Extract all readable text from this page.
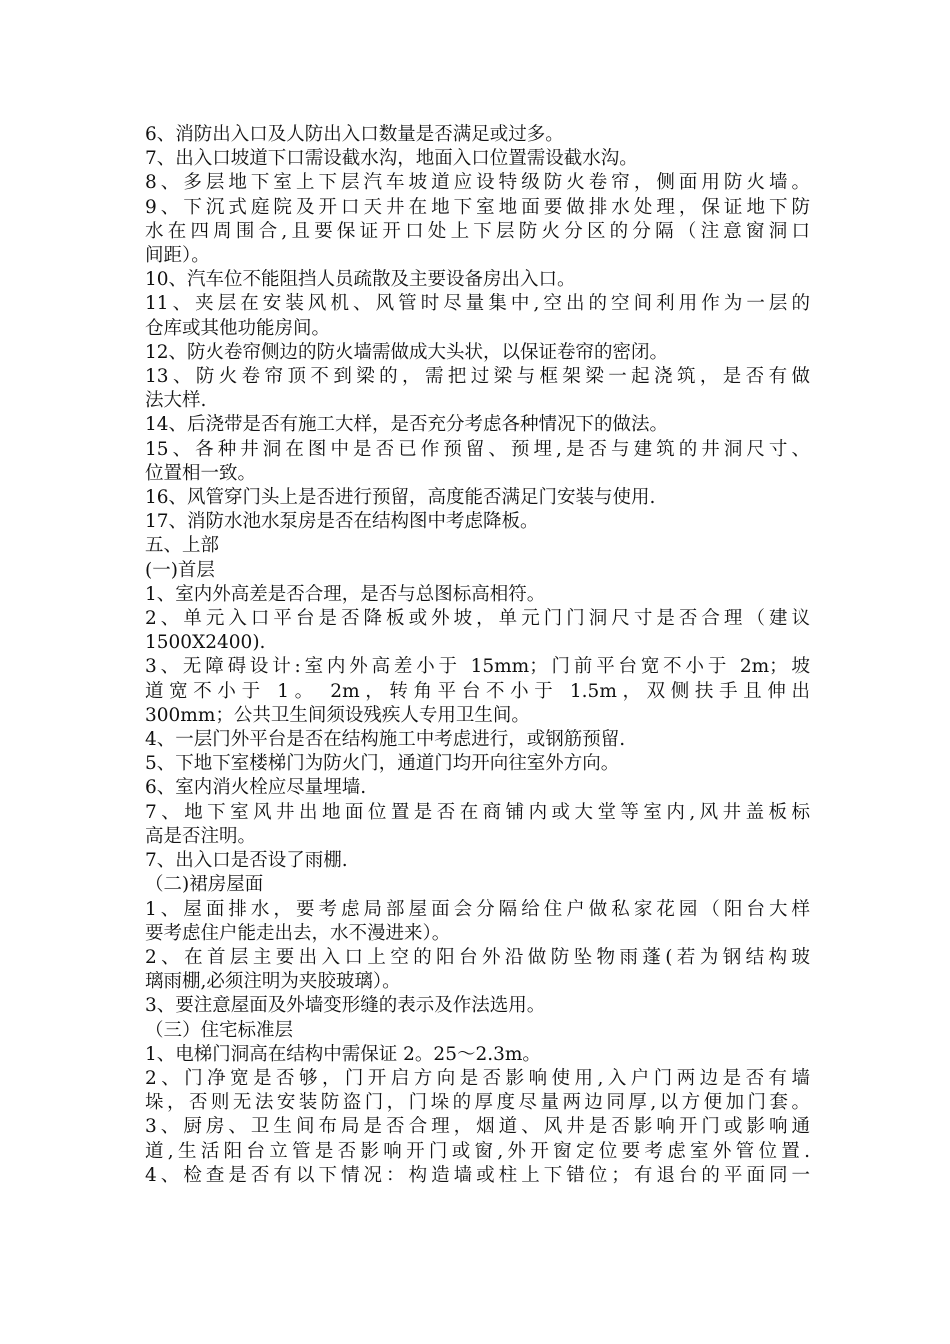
6、消防出入口及人防出入口数量是否满足或过多。
7、出入口坡道下口需设截水沟，地面入口位置需设截水沟。
8、多层地下室上下层汽车坡道应设特级防火卷帘，侧面用防火墙。
9、下沉式庭院及开口天井在地下室地面要做排水处理，保证地下防
水在四周围合,且要保证开口处上下层防火分区的分隔（注意窗洞口
间距）。
10、汽车位不能阻挡人员疏散及主要设备房出入口。
11、夹层在安装风机、风管时尽量集中,空出的空间利用作为一层的
仓库或其他功能房间。
12、防火卷帘侧边的防火墙需做成大头状，以保证卷帘的密闭。
13、防火卷帘顶不到梁的，需把过梁与框架梁一起浇筑，是否有做
法大样.
14、后浇带是否有施工大样，是否充分考虑各种情况下的做法。
15、各种井洞在图中是否已作预留、预埋,是否与建筑的井洞尺寸、
位置相一致。
16、风管穿门头上是否进行预留，高度能否满足门安装与使用.
17、消防水池水泵房是否在结构图中考虑降板。
五、上部
(一)首层
1、室内外高差是否合理，是否与总图标高相符。
2、单元入口平台是否降板或外坡，单元门门洞尺寸是否合理（建议
1500X2400).
3、无障碍设计:室内外高差小于 15mm；门前平台宽不小于 2m；坡
道宽不小于 1。 2m，转角平台不小于 1.5m，双侧扶手且伸出
300mm；公共卫生间须设残疾人专用卫生间。
4、一层门外平台是否在结构施工中考虑进行，或钢筋预留.
5、下地下室楼梯门为防火门，通道门均开向往室外方向。
6、室内消火栓应尽量埋墙.
7、地下室风井出地面位置是否在商铺内或大堂等室内,风井盖板标
高是否注明。
7、出入口是否设了雨棚.
（二)裙房屋面
1、屋面排水，要考虑局部屋面会分隔给住户做私家花园（阳台大样
要考虑住户能走出去，水不漫进来）。
2、在首层主要出入口上空的阳台外沿做防坠物雨蓬(若为钢结构玻
璃雨棚,必须注明为夹胶玻璃）。
3、要注意屋面及外墙变形缝的表示及作法选用。
（三）住宅标准层
1、电梯门洞高在结构中需保证 2。25～2.3m。
2、门净宽是否够，门开启方向是否影响使用,入户门两边是否有墙
垛，否则无法安装防盗门，门垛的厚度尽量两边同厚,以方便加门套。
3、厨房、卫生间布局是否合理，烟道、风井是否影响开门或影响通
道,生活阳台立管是否影响开门或窗,外开窗定位要考虑室外管位置.
4、检查是否有以下情况：构造墙或柱上下错位；有退台的平面同一
